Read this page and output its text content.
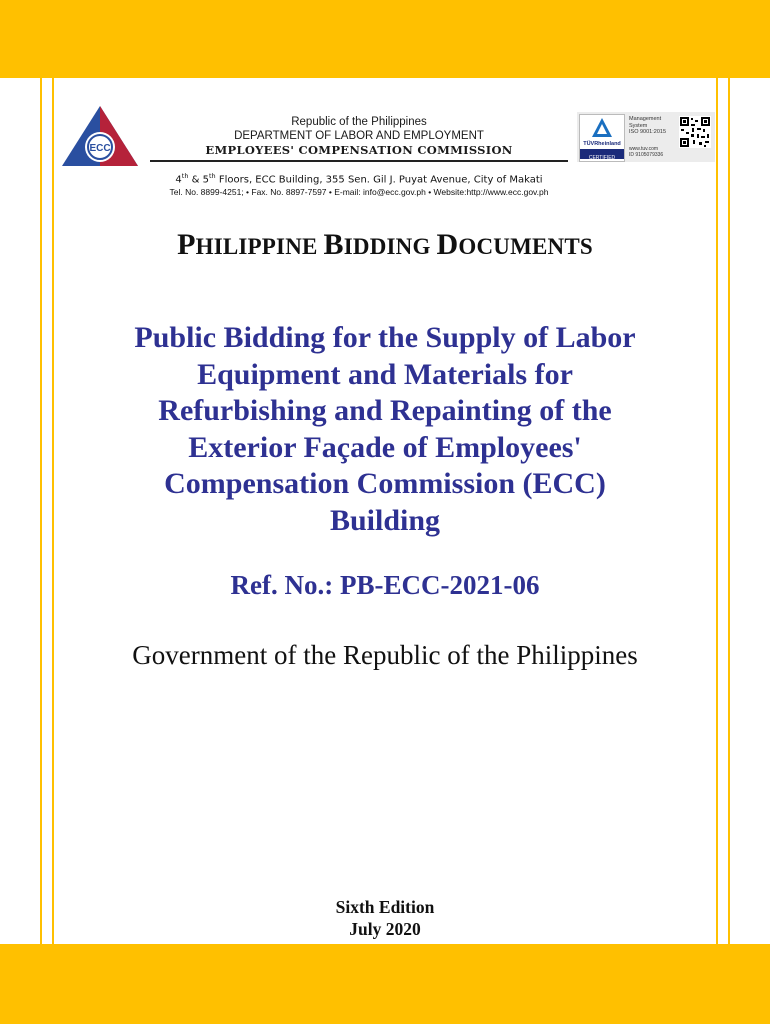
ECC
Republic of the Philippines
DEPARTMENT OF LABOR AND EMPLOYMENT
EMPLOYEES' COMPENSATION COMMISSION
4th & 5th Floors, ECC Building, 355 Sen. Gil J. Puyat Avenue, City of Makati
Tel. No. 8899-4251; • Fax. No. 8897-7597 • E-mail: info@ecc.gov.ph • Website:http://www.ecc.gov.ph
TÜVRheinland
CERTIFIED
Management System
ISO 9001:2015
www.tuv.com
ID 9105079336
PHILIPPINE BIDDING DOCUMENTS
Public Bidding for the Supply of Labor
Equipment and Materials for
Refurbishing and Repainting of the
Exterior Façade of Employees'
Compensation Commission (ECC)
Building
Ref. No.: PB-ECC-2021-06
Government of the Republic of the Philippines
Sixth Edition
July 2020
